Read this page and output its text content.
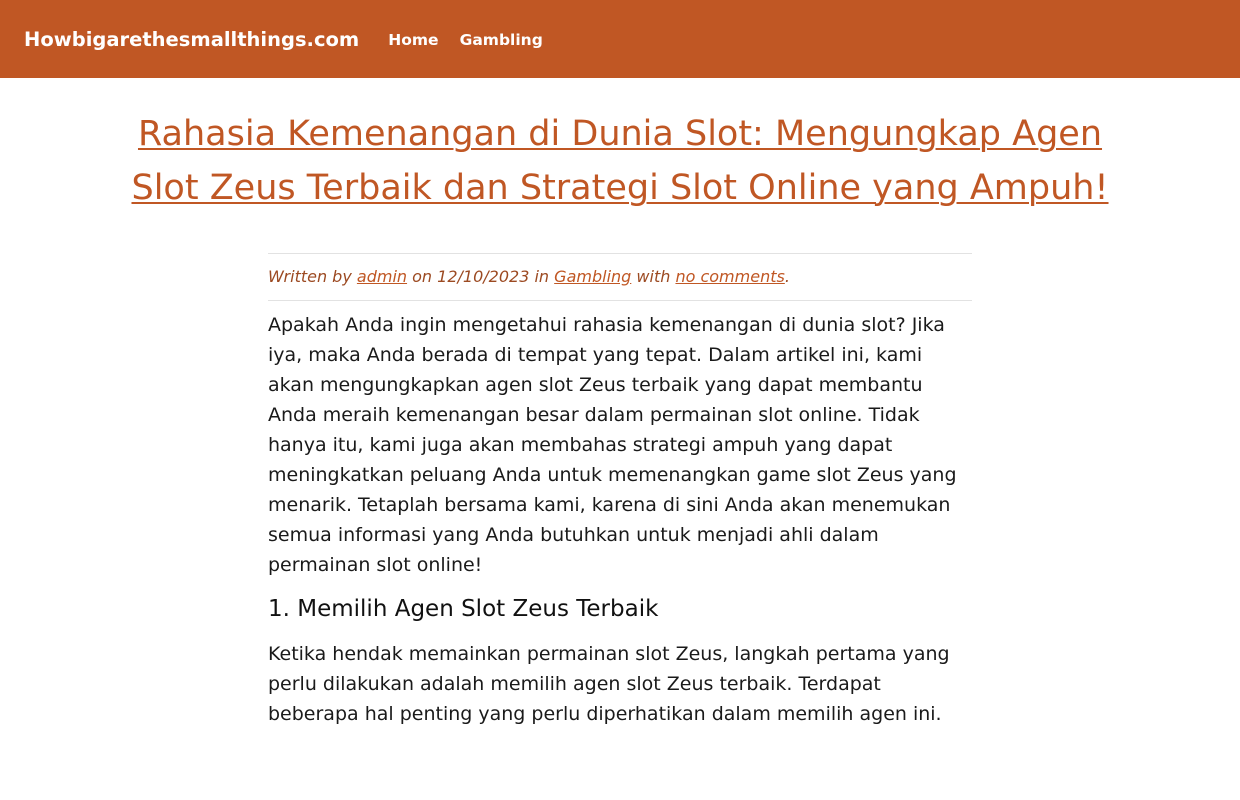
Howbigarethesmallthings.com Home Gambling
Rahasia Kemenangan di Dunia Slot: Mengungkap Agen Slot Zeus Terbaik dan Strategi Slot Online yang Ampuh!
Written by admin on 12/10/2023 in Gambling with no comments.

Apakah Anda ingin mengetahui rahasia kemenangan di dunia slot? Jika iya, maka Anda berada di tempat yang tepat. Dalam artikel ini, kami akan mengungkapkan agen slot Zeus terbaik yang dapat membantu Anda meraih kemenangan besar dalam permainan slot online. Tidak hanya itu, kami juga akan membahas strategi ampuh yang dapat meningkatkan peluang Anda untuk memenangkan game slot Zeus yang menarik. Tetaplah bersama kami, karena di sini Anda akan menemukan semua informasi yang Anda butuhkan untuk menjadi ahli dalam permainan slot online!

1. Memilih Agen Slot Zeus Terbaik

Ketika hendak memainkan permainan slot Zeus, langkah pertama yang perlu dilakukan adalah memilih agen slot Zeus terbaik. Terdapat beberapa hal penting yang perlu diperhatikan dalam memilih agen ini.
